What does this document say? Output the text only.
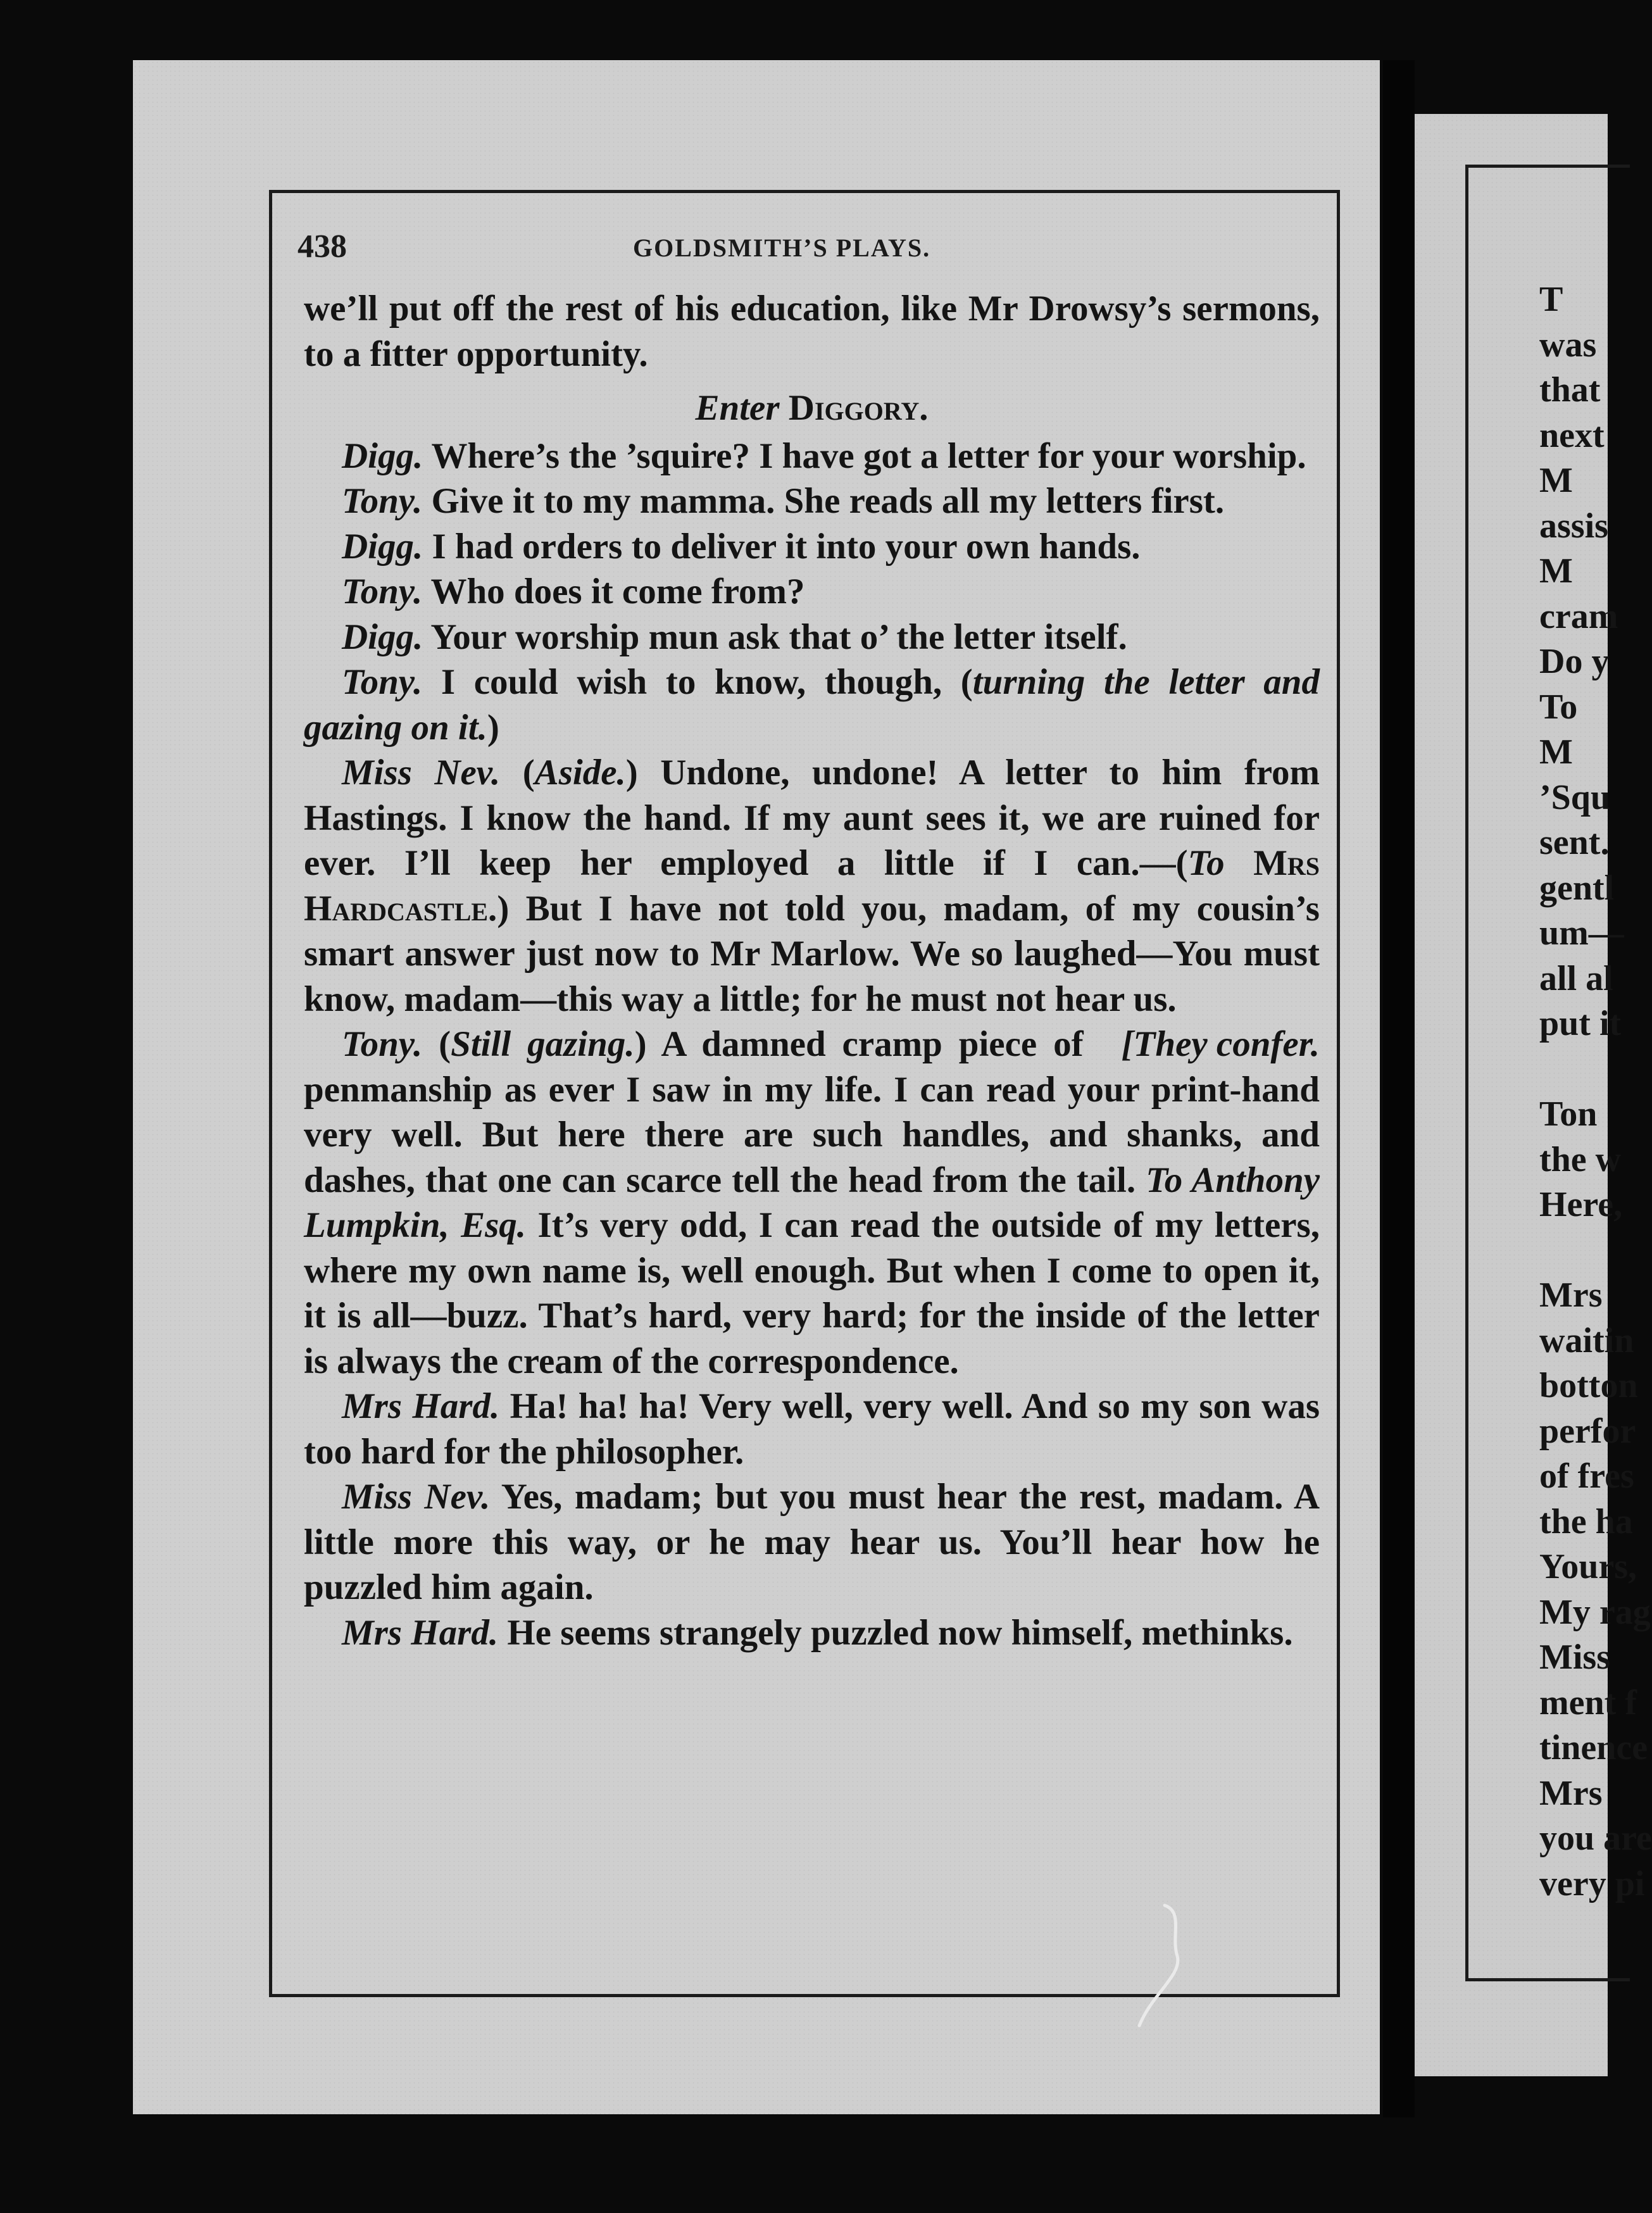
438	GOLDSMITH’S PLAYS.

we’ll put off the rest of his education, like Mr Drowsy’s sermons, to a fitter opportunity.

Enter Diggory.

Digg. Where’s the ’squire? I have got a letter for your worship.

Tony. Give it to my mamma. She reads all my letters first.

Digg. I had orders to deliver it into your own hands.

Tony. Who does it come from?

Digg. Your worship mun ask that o’ the letter itself.

Tony. I could wish to know, though, (turning the letter and gazing on it.)

Miss Nev. (Aside.) Undone, undone! A letter to him from Hastings. I know the hand. If my aunt sees it, we are ruined for ever. I’ll keep her employed a little if I can.—(To Mrs Hardcastle.) But I have not told you, madam, of my cousin’s smart answer just now to Mr Marlow. We so laughed—You must know, madam—this way a little; for he must not hear us.
[They confer.

Tony. (Still gazing.) A damned cramp piece of penmanship as ever I saw in my life. I can read your print-hand very well. But here there are such handles, and shanks, and dashes, that one can scarce tell the head from the tail. To Anthony Lumpkin, Esq. It’s very odd, I can read the outside of my letters, where my own name is, well enough. But when I come to open it, it is all—buzz. That’s hard, very hard; for the inside of the letter is always the cream of the correspondence.

Mrs Hard. Ha! ha! ha! Very well, very well. And so my son was too hard for the philosopher.

Miss Nev. Yes, madam; but you must hear the rest, madam. A little more this way, or he may hear us. You’ll hear how he puzzled him again.

Mrs Hard. He seems strangely puzzled now himself, methinks.

T
was
that
next
M
assis
M
cram
Do y
To
M
’Squ
sent.
gentl
um—
all al
put it
Ton
the w
Here,
Mrs
waitin
botton
perfor
of fres
the ha
Yours,
My rag
Miss
ment f
tinence
Mrs
you are
very pi
